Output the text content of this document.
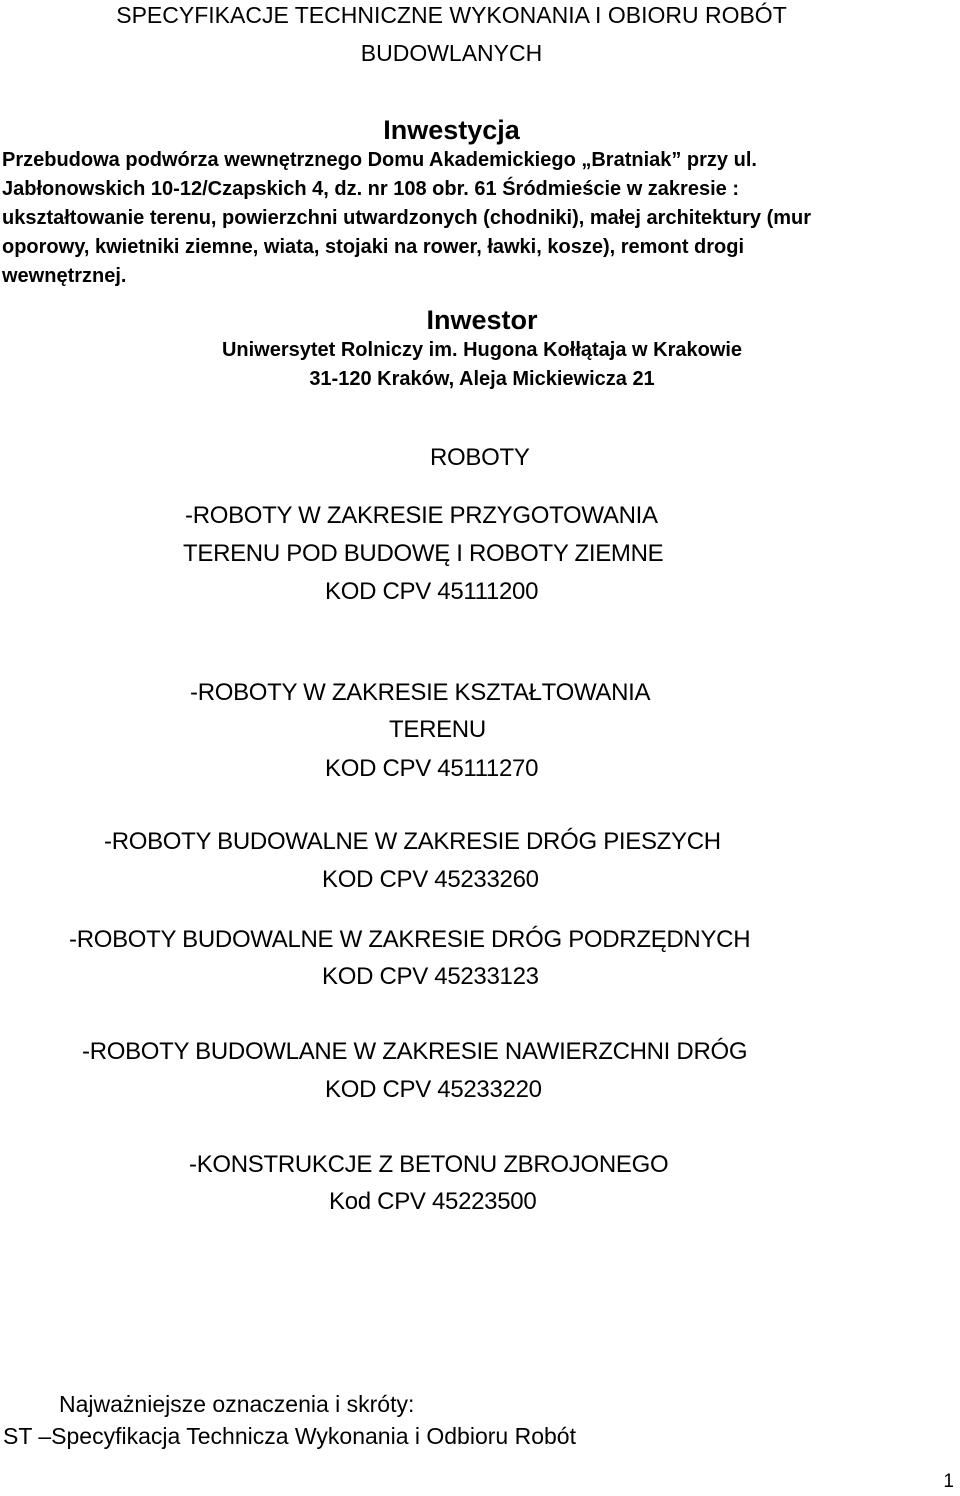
SPECYFIKACJE TECHNICZNE WYKONANIA I OBIORU ROBÓT
BUDOWLANYCH
Inwestycja
Przebudowa podwórza wewnętrznego Domu Akademickiego „Bratniak” przy ul.
Jabłonowskich 10-12/Czapskich 4, dz. nr 108 obr. 61 Śródmieście w zakresie :
ukształtowanie terenu, powierzchni utwardzonych (chodniki), małej architektury (mur
oporowy, kwietniki ziemne, wiata, stojaki na rower, ławki, kosze), remont drogi
wewnętrznej.
Inwestor
Uniwersytet Rolniczy im. Hugona Kołłątaja w Krakowie
31-120 Kraków, Aleja Mickiewicza 21
ROBOTY
-ROBOTY W ZAKRESIE PRZYGOTOWANIA
TERENU POD BUDOWĘ I ROBOTY ZIEMNE
KOD CPV 45111200
-ROBOTY W ZAKRESIE KSZTAŁTOWANIA
TERENU
KOD CPV 45111270
-ROBOTY BUDOWALNE W ZAKRESIE DRÓG PIESZYCH
KOD CPV 45233260
-ROBOTY BUDOWALNE W ZAKRESIE DRÓG PODRZĘDNYCH
KOD CPV 45233123
-ROBOTY BUDOWLANE W ZAKRESIE NAWIERZCHNI DRÓG
KOD CPV 45233220
-KONSTRUKCJE Z BETONU ZBROJONEGO
Kod CPV 45223500
Najważniejsze oznaczenia i skróty:
ST –Specyfikacja Technicza Wykonania i Odbioru Robót
1
